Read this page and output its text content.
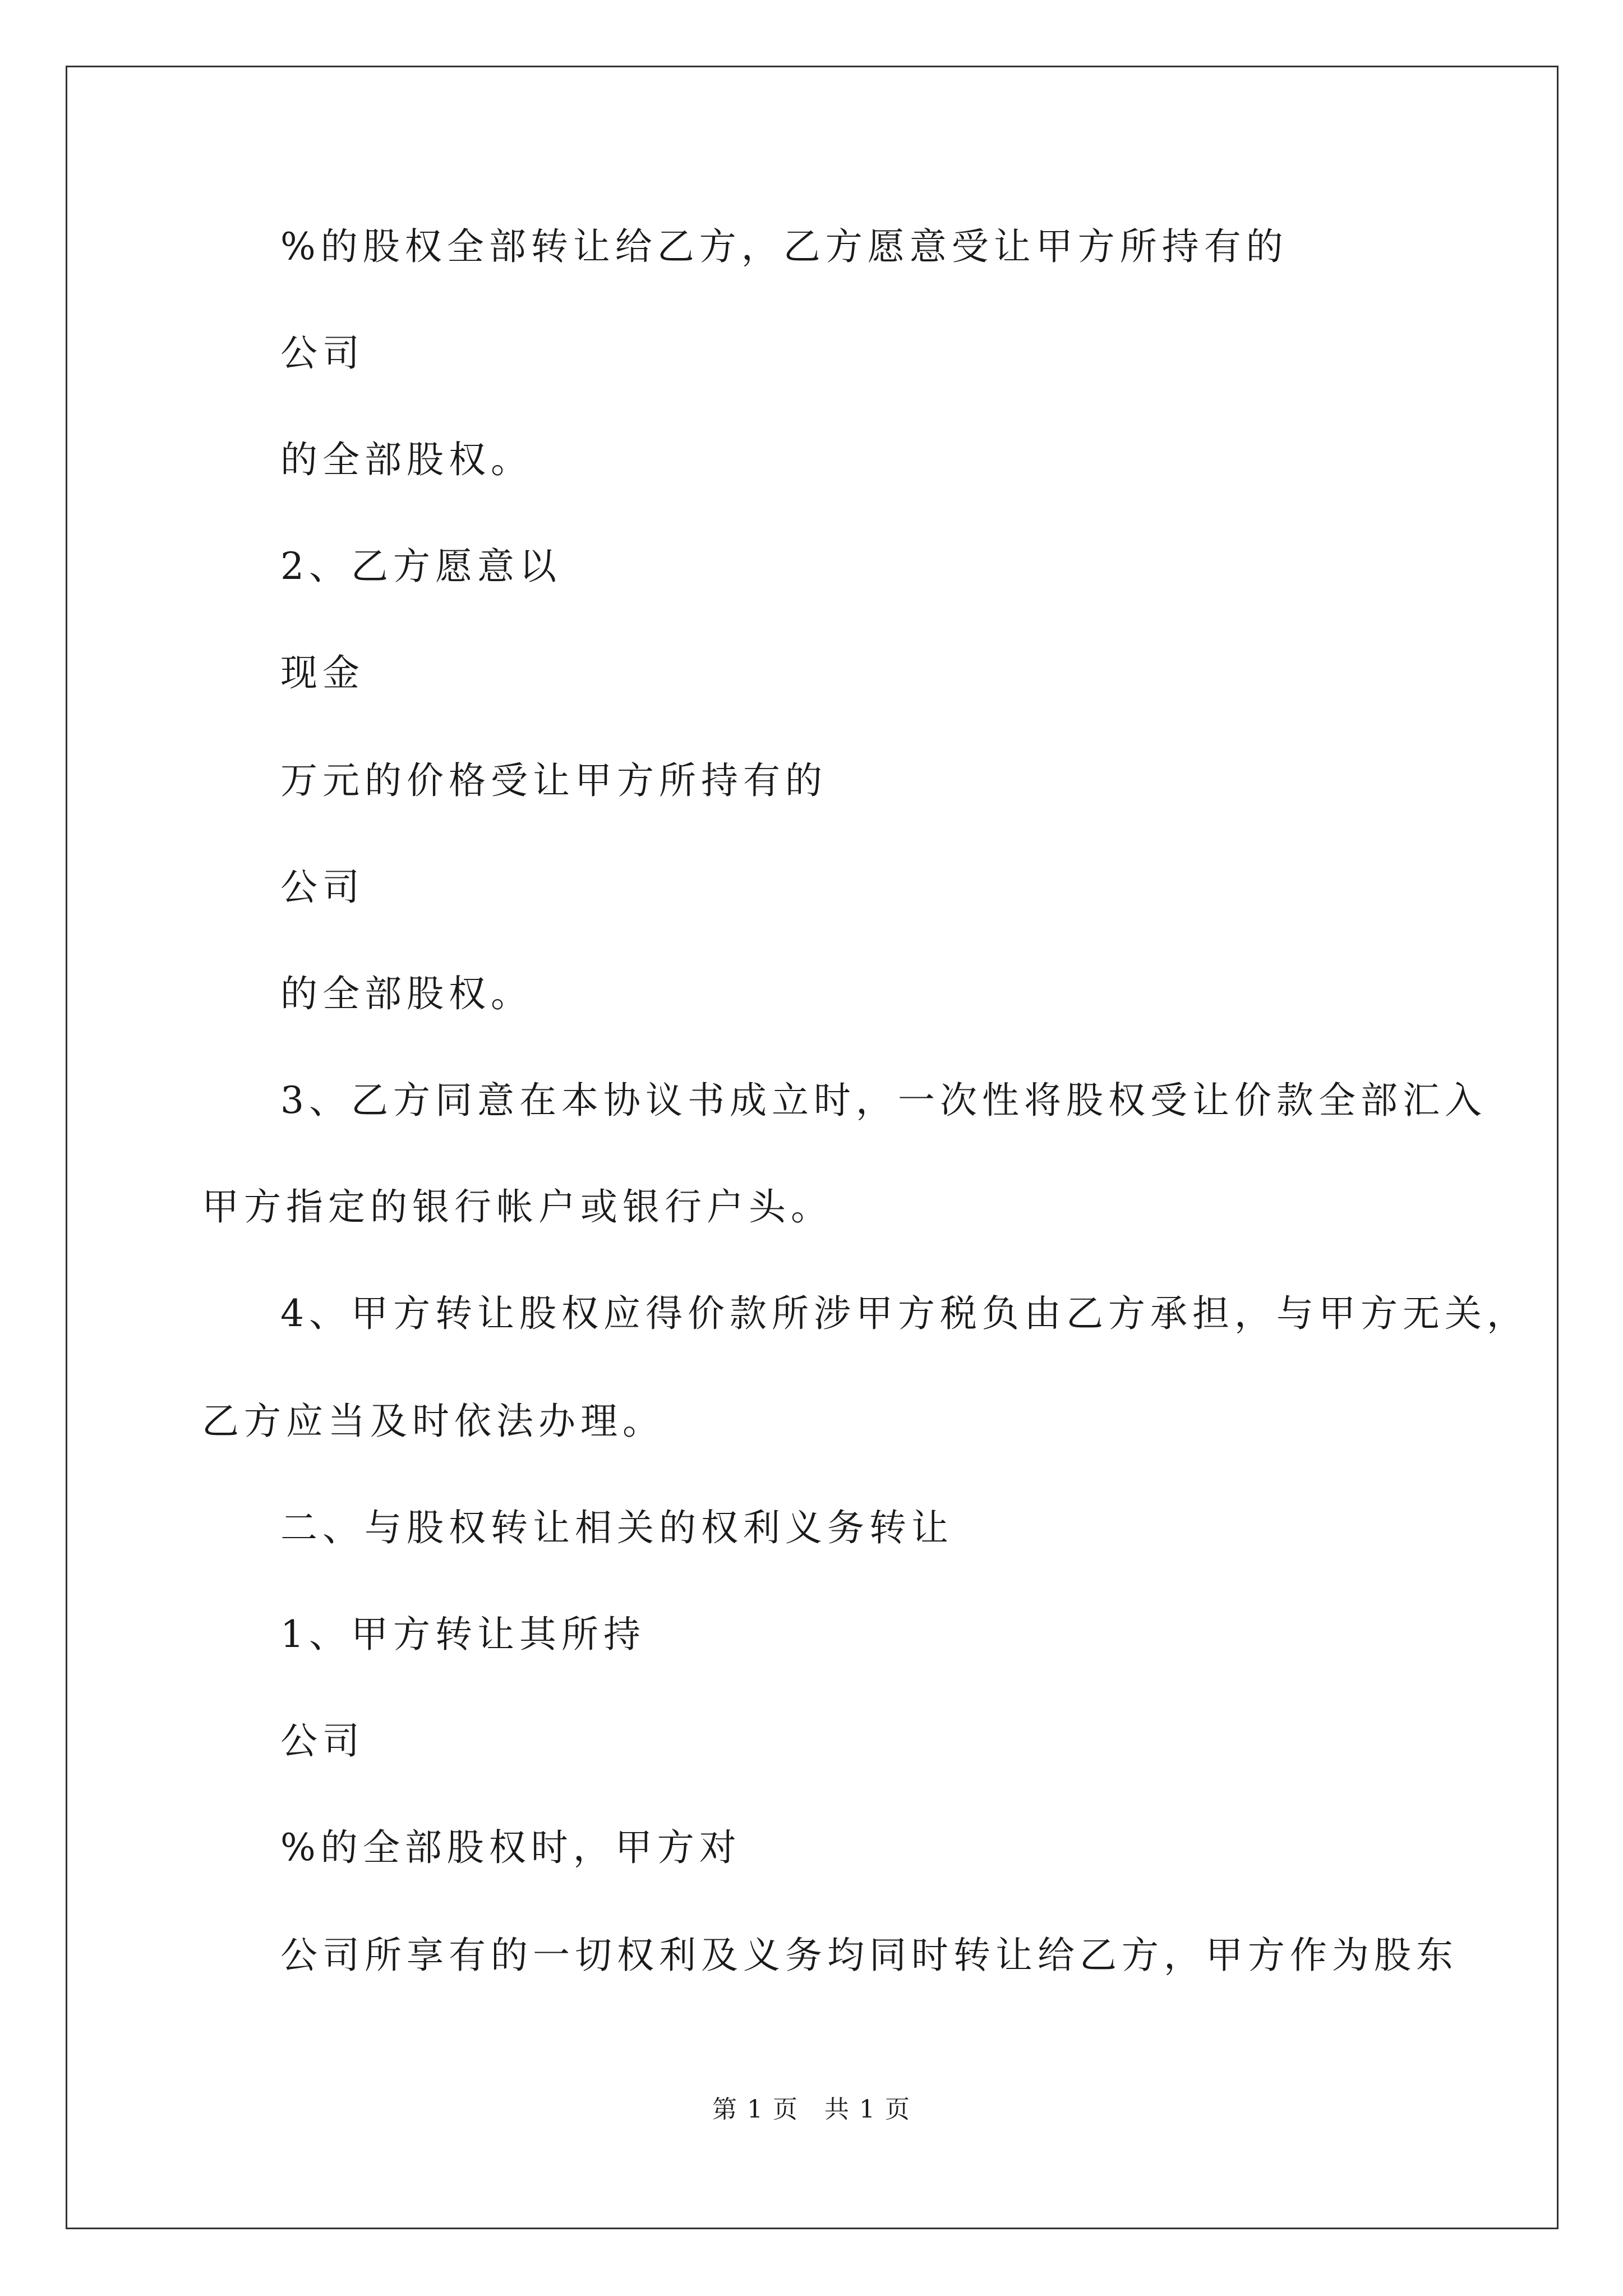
%的股权全部转让给乙方，乙方愿意受让甲方所持有的
公司
的全部股权。
2、乙方愿意以
现金
万元的价格受让甲方所持有的
公司
的全部股权。
3、乙方同意在本协议书成立时，一次性将股权受让价款全部汇入
甲方指定的银行帐户或银行户头。
4、甲方转让股权应得价款所涉甲方税负由乙方承担，与甲方无关，
乙方应当及时依法办理。
二、与股权转让相关的权利义务转让
1、甲方转让其所持
公司
%的全部股权时，甲方对
公司所享有的一切权利及义务均同时转让给乙方，甲方作为股东
第 1 页　共 1 页
